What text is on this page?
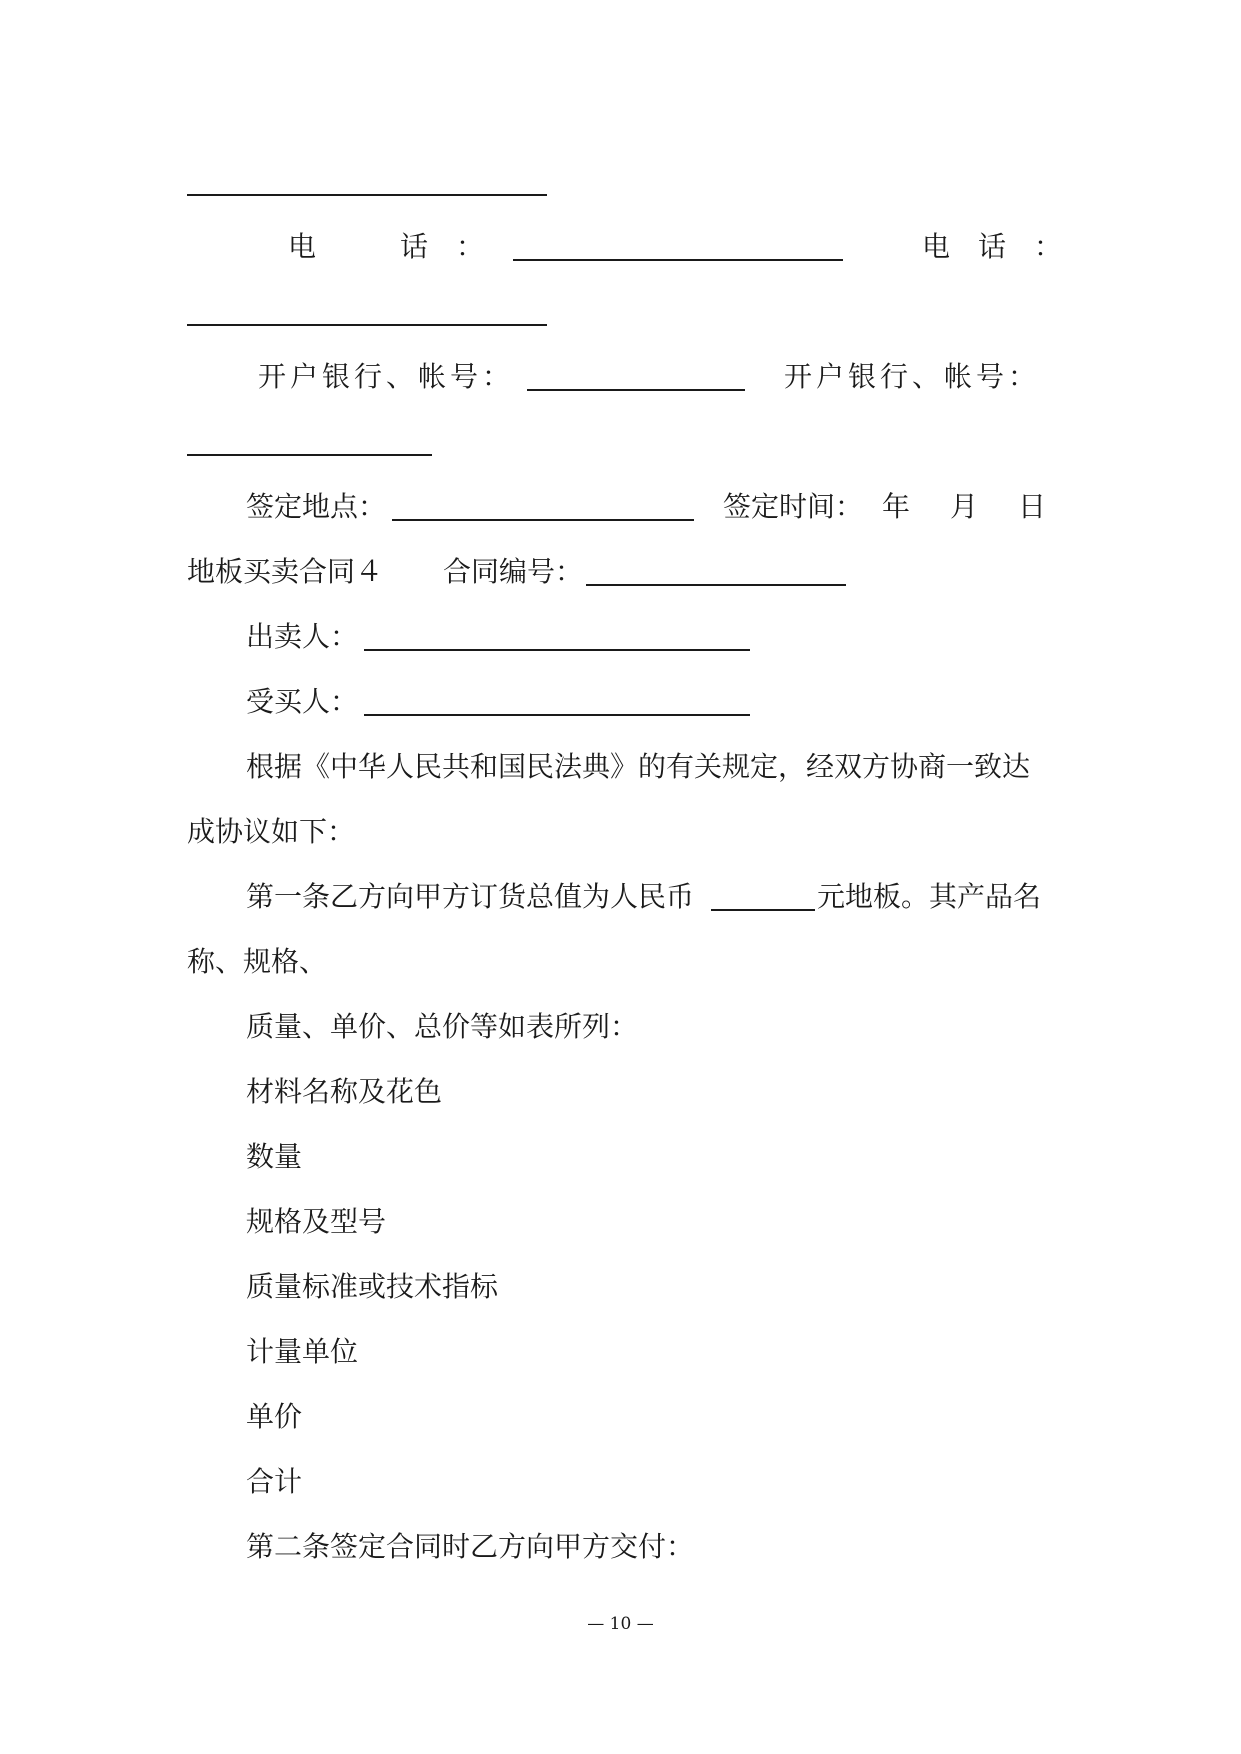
电　　　话　：	电　话　：
开户银行、帐号：	开户银行、帐号：
签定地点：	签定时间： 年　月　日
地板买卖合同４ 合同编号：
出卖人：
受买人：
根据《中华人民共和国民法典》的有关规定，经双方协商一致达
成协议如下：
第一条乙方向甲方订货总值为人民币	元地板。其产品名
称、规格、
质量、单价、总价等如表所列：
材料名称及花色
数量
规格及型号
质量标准或技术指标
计量单位
单价
合计
第二条签定合同时乙方向甲方交付：
— 10 —
